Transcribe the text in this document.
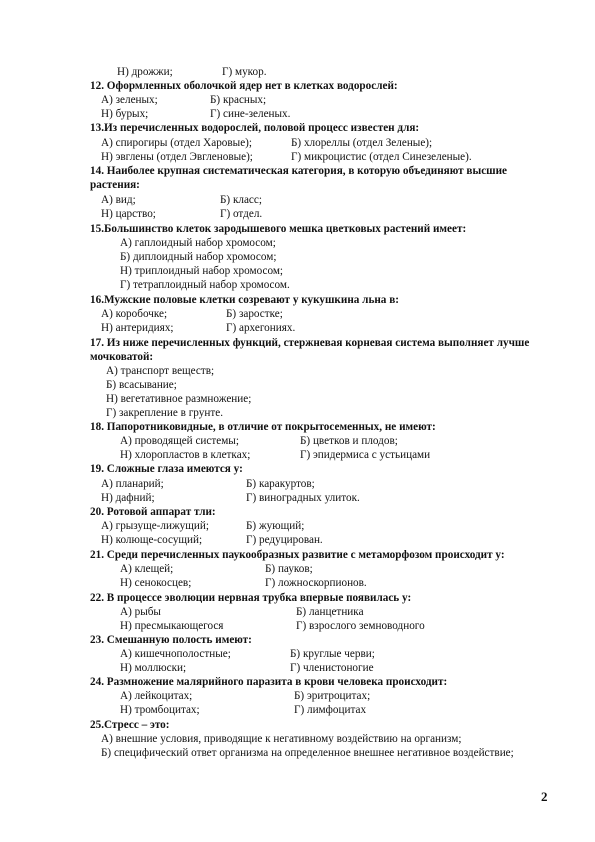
Н) дрожжи;	Г) мукор.
12. Оформленных оболочкой ядер нет в клетках водорослей:
А) зеленых;	Б) красных;
Н) бурых;	Г) сине-зеленых.
13.Из перечисленных водорослей, половой процесс известен для:
А) спирогиры (отдел Харовые);	Б) хлореллы (отдел Зеленые);
Н) эвглены (отдел Эвгленовые);	Г) микроцистис (отдел Синезеленые).
14. Наиболее крупная систематическая категория, в которую объединяют высшие
растения:
А) вид;	Б) класс;
Н) царство;	Г) отдел.
15.Большинство клеток зародышевого мешка цветковых растений имеет:
А) гаплоидный набор хромосом;
Б) диплоидный набор хромосом;
Н) триплоидный набор хромосом;
Г) тетраплоидный набор хромосом.
16.Мужские половые клетки созревают у кукушкина льна в:
А) коробочке;	Б) заростке;
Н) антеридиях;	Г) архегониях.
17. Из ниже перечисленных функций, стержневая корневая система выполняет лучше
мочковатой:
А) транспорт веществ;
Б) всасывание;
Н) вегетативное размножение;
Г) закрепление в грунте.
18. Папоротниковидные, в отличие от покрытосеменных, не имеют:
А) проводящей системы;	Б) цветков и плодов;
Н) хлоропластов в клетках;	Г) эпидермиса с устьицами
19. Сложные глаза имеются у:
А) планарий;	Б) каракуртов;
Н) дафний;	Г) виноградных улиток.
20. Ротовой аппарат тли:
А) грызуще-лижущий;	Б) жующий;
Н) колюще-сосущий;	Г) редуцирован.
21. Среди перечисленных паукообразных развитие с метаморфозом происходит у:
А) клещей;	Б) пауков;
Н) сенокосцев;	Г) ложноскорпионов.
22. В процессе эволюции нервная трубка впервые появилась у:
А) рыбы	Б) ланцетника
Н) пресмыкающегося	Г) взрослого земноводного
23. Смешанную полость имеют:
А) кишечнополостные;	Б) круглые черви;
Н) моллюски;	Г) членистоногие
24. Размножение малярийного паразита в крови человека происходит:
А) лейкоцитах;	Б) эритроцитах;
Н) тромбоцитах;	Г) лимфоцитах
25.Стресс – это:
А) внешние условия, приводящие к негативному воздействию на организм;
Б) специфический ответ организма на определенное внешнее негативное воздействие;
2
